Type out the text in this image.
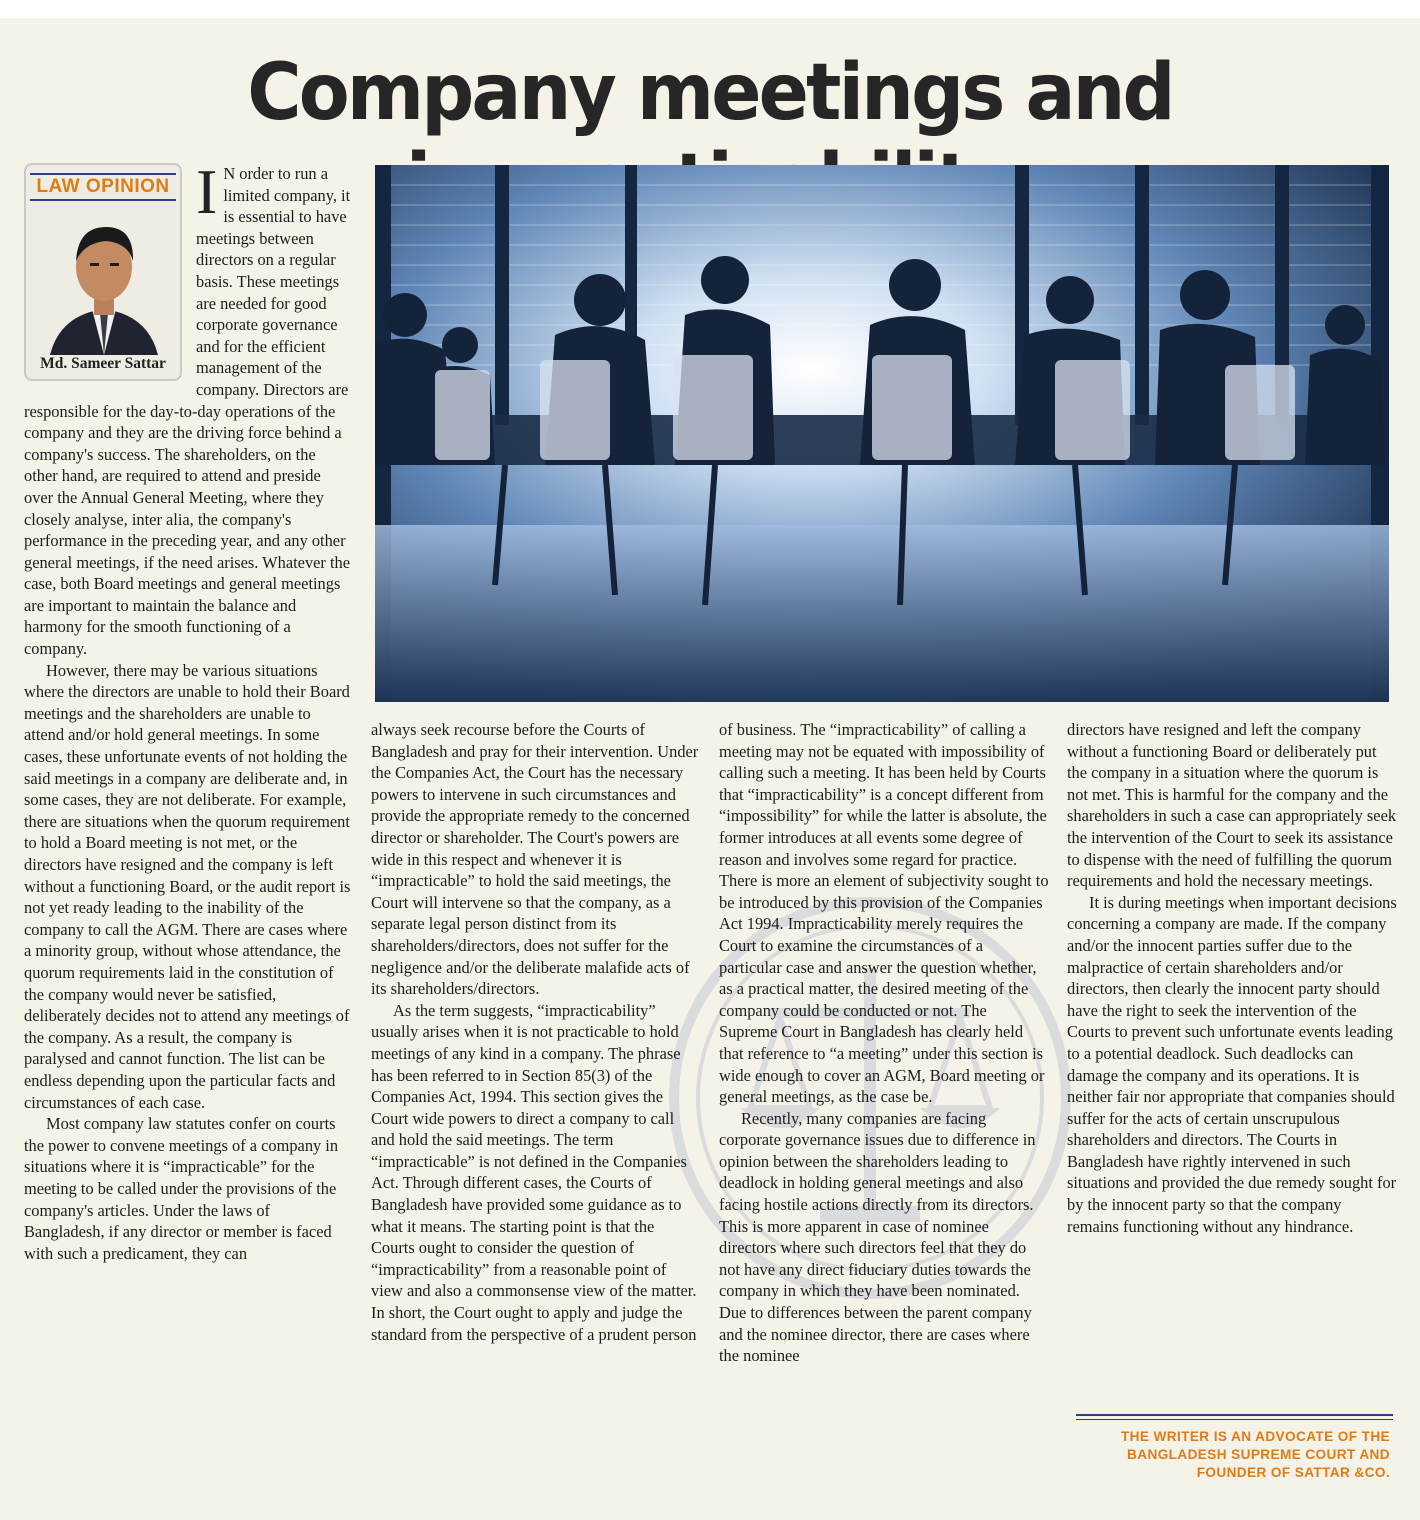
Company meetings and
LAW OPINION
Md. Sameer Sattar
I N order to run a limited company, it is essential to have meetings between directors on a regular basis. These meetings are needed for good corporate governance and for the efficient management of the company. Directors are responsible for the day-to-day operations of the company and they are the driving force behind a company's success. The shareholders, on the other hand, are required to attend and preside over the Annual General Meeting, where they closely analyse, inter alia, the company's performance in the preceding year, and any other general meetings, if the need arises. Whatever the case, both Board meetings and general meetings are important to maintain the balance and harmony for the smooth functioning of a company.

However, there may be various situations where the directors are unable to hold their Board meetings and the shareholders are unable to attend and/or hold general meetings. In some cases, these unfortunate events of not holding the said meetings in a company are deliberate and, in some cases, they are not deliberate. For example, there are situations when the quorum requirement to hold a Board meeting is not met, or the directors have resigned and the company is left without a functioning Board, or the audit report is not yet ready leading to the inability of the company to call the AGM. There are cases where a minority group, without whose attendance, the quorum requirements laid in the constitution of the company would never be satisfied, deliberately decides not to attend any meetings of the company. As a result, the company is paralysed and cannot function. The list can be endless depending upon the particular facts and circumstances of each case.

Most company law statutes confer on courts the power to convene meetings of a company in situations where it is “impracticable” for the meeting to be called under the provisions of the company's articles. Under the laws of Bangladesh, if any director or member is faced with such a predicament, they can

always seek recourse before the Courts of Bangladesh and pray for their intervention. Under the Companies Act, the Court has the necessary powers to intervene in such circumstances and provide the appropriate remedy to the concerned director or shareholder. The Court's powers are wide in this respect and whenever it is “impracticable” to hold the said meetings, the Court will intervene so that the company, as a separate legal person distinct from its shareholders/directors, does not suffer for the negligence and/or the deliberate malafide acts of its shareholders/directors.

As the term suggests, “impracticability” usually arises when it is not practicable to hold meetings of any kind in a company. The phrase has been referred to in Section 85(3) of the Companies Act, 1994. This section gives the Court wide powers to direct a company to call and hold the said meetings. The term “impracticable” is not defined in the Companies Act. Through different cases, the Courts of Bangladesh have provided some guidance as to what it means. The starting point is that the Courts ought to consider the question of “impracticability” from a reasonable point of view and also a commonsense view of the matter. In short, the Court ought to apply and judge the standard from the perspective of a prudent person

of business. The “impracticability” of calling a meeting may not be equated with impossibility of calling such a meeting. It has been held by Courts that “impracticability” is a concept different from “impossibility” for while the latter is absolute, the former introduces at all events some degree of reason and involves some regard for practice. There is more an element of subjectivity sought to be introduced by this provision of the Companies Act 1994. Impracticability merely requires the Court to examine the circumstances of a particular case and answer the question whether, as a practical matter, the desired meeting of the company could be conducted or not. The Supreme Court in Bangladesh has clearly held that reference to “a meeting” under this section is wide enough to cover an AGM, Board meeting or general meetings, as the case be.

Recently, many companies are facing corporate governance issues due to difference in opinion between the shareholders leading to deadlock in holding general meetings and also facing hostile actions directly from its directors. This is more apparent in case of nominee directors where such directors feel that they do not have any direct fiduciary duties towards the company in which they have been nominated. Due to differences between the parent company and the nominee director, there are cases where the nominee

directors have resigned and left the company without a functioning Board or deliberately put the company in a situation where the quorum is not met. This is harmful for the company and the shareholders in such a case can appropriately seek the intervention of the Court to seek its assistance to dispense with the need of fulfilling the quorum requirements and hold the necessary meetings.

It is during meetings when important decisions concerning a company are made. If the company and/or the innocent parties suffer due to the malpractice of certain shareholders and/or directors, then clearly the innocent party should have the right to seek the intervention of the Courts to prevent such unfortunate events leading to a potential deadlock. Such deadlocks can damage the company and its operations. It is neither fair nor appropriate that companies should suffer for the acts of certain unscrupulous shareholders and directors. The Courts in Bangladesh have rightly intervened in such situations and provided the due remedy sought for by the innocent party so that the company remains functioning without any hindrance.

THE WRITER IS AN ADVOCATE OF THE BANGLADESH SUPREME COURT AND FOUNDER OF SATTAR &CO.
